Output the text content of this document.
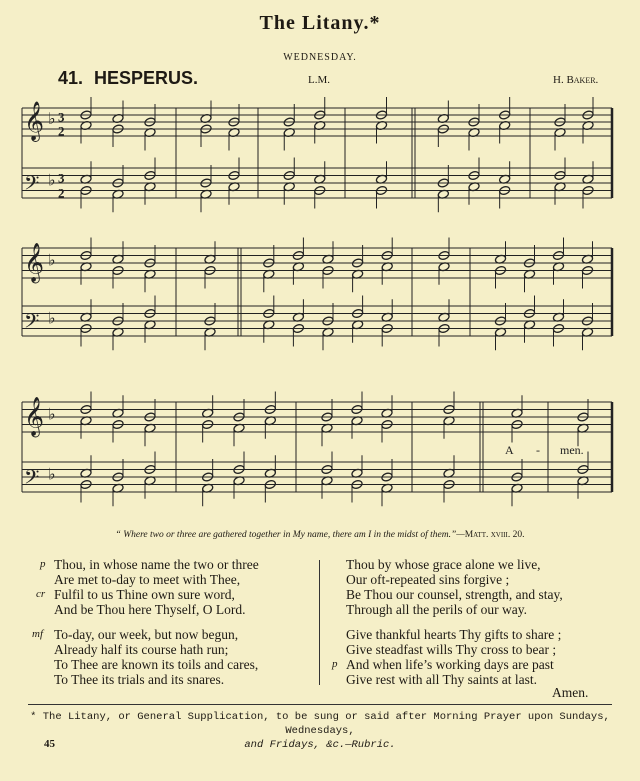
The Litany.*
WEDNESDAY.
41. HESPERUS.	L.M.	H. Baker.
𝄞 ♭ 3
2
𝄢 ♭ 3
2
𝄞 ♭
𝄢 ♭
𝄞 ♭
𝄢 ♭
A - men.
“ Where two or three are gathered together in My name, there am I in the midst of them.”—Matt. xviii. 20.
p Thou, in whose name the two or three
Are met to-day to meet with Thee,
cr Fulfil to us Thine own sure word,
And be Thou here Thyself, O Lord.
mf To-day, our week, but now begun,
Already half its course hath run;
To Thee are known its toils and cares,
To Thee its trials and its snares.
Thou by whose grace alone we live,
Our oft-repeated sins forgive ;
Be Thou our counsel, strength, and stay,
Through all the perils of our way.
Give thankful hearts Thy gifts to share ;
Give steadfast wills Thy cross to bear ;
p And when life’s working days are past
Give rest with all Thy saints at last.
Amen.
* The Litany, or General Supplication, to be sung or said after Morning Prayer upon Sundays, Wednesdays,
and Fridays, &c.—Rubric.
45
